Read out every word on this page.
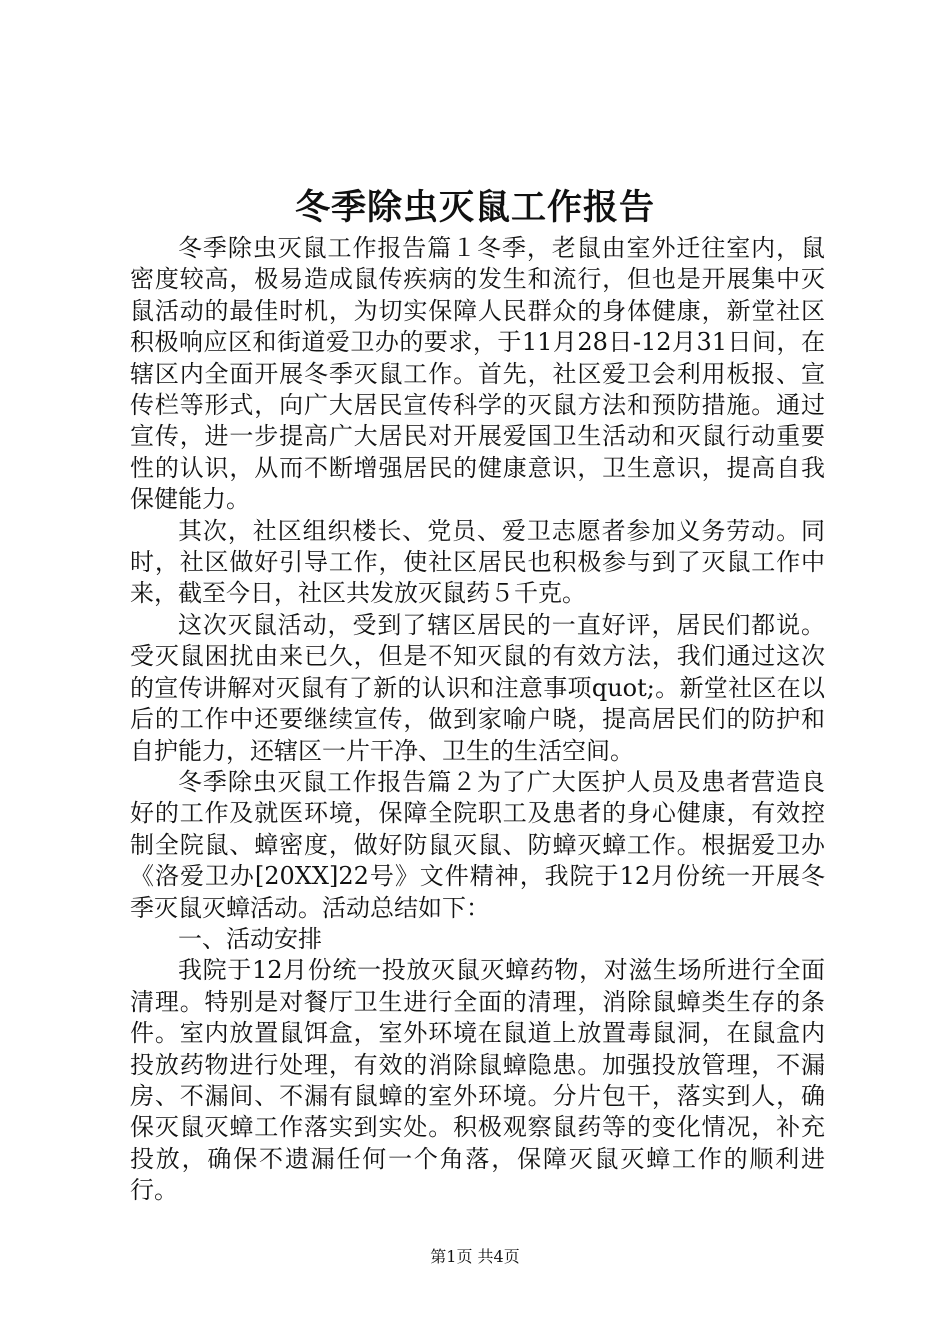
冬季除虫灭鼠工作报告

冬季除虫灭鼠工作报告篇１冬季，老鼠由室外迁往室内，鼠密度较高，极易造成鼠传疾病的发生和流行，但也是开展集中灭鼠活动的最佳时机，为切实保障人民群众的身体健康，新堂社区积极响应区和街道爱卫办的要求，于11月28日-12月31日间，在辖区内全面开展冬季灭鼠工作。首先，社区爱卫会利用板报、宣传栏等形式，向广大居民宣传科学的灭鼠方法和预防措施。通过宣传，进一步提高广大居民对开展爱国卫生活动和灭鼠行动重要性的认识，从而不断增强居民的健康意识，卫生意识，提高自我保健能力。

其次，社区组织楼长、党员、爱卫志愿者参加义务劳动。同时，社区做好引导工作，使社区居民也积极参与到了灭鼠工作中来，截至今日，社区共发放灭鼠药５千克。

这次灭鼠活动，受到了辖区居民的一直好评，居民们都说。受灭鼠困扰由来已久，但是不知灭鼠的有效方法，我们通过这次的宣传讲解对灭鼠有了新的认识和注意事项quot;。新堂社区在以后的工作中还要继续宣传，做到家喻户晓，提高居民们的防护和自护能力，还辖区一片干净、卫生的生活空间。

冬季除虫灭鼠工作报告篇２为了广大医护人员及患者营造良好的工作及就医环境，保障全院职工及患者的身心健康，有效控制全院鼠、蟑密度，做好防鼠灭鼠、防蟑灭蟑工作。根据爱卫办《洛爱卫办[20XX]22号》文件精神，我院于12月份统一开展冬季灭鼠灭蟑活动。活动总结如下：

一、活动安排

我院于12月份统一投放灭鼠灭蟑药物，对滋生场所进行全面清理。特别是对餐厅卫生进行全面的清理，消除鼠蟑类生存的条件。室内放置鼠饵盒，室外环境在鼠道上放置毒鼠洞，在鼠盒内投放药物进行处理，有效的消除鼠蟑隐患。加强投放管理，不漏房、不漏间、不漏有鼠蟑的室外环境。分片包干，落实到人，确保灭鼠灭蟑工作落实到实处。积极观察鼠药等的变化情况，补充投放，确保不遗漏任何一个角落，保障灭鼠灭蟑工作的顺利进行。

第1页 共4页
